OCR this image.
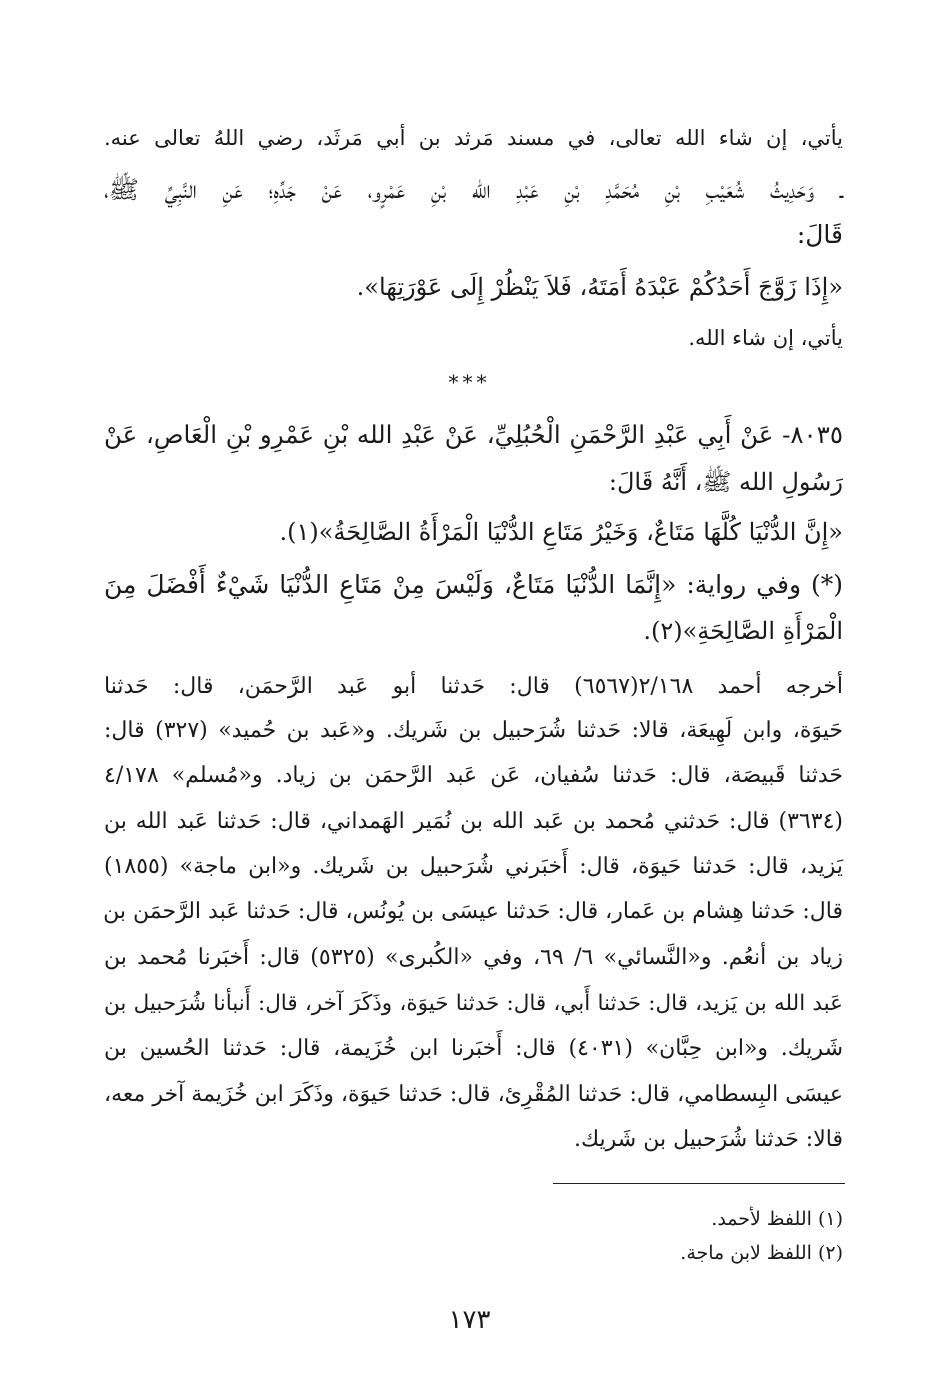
يأتي، إن شاء الله تعالى، في مسند مَرثد بن أبي مَرثَد، رضي اللهُ تعالى عنه.
ـ وَحَدِيثُ شُعَيْبِ بْنِ مُحَمَّدِ بْنِ عَبْدِ الله بْنِ عَمْرٍو، عَنْ جَدِّهِ؛ عَنِ النَّبِيِّ ﷺ،
قَالَ:
«إِذَا زَوَّجَ أَحَدُكُمْ عَبْدَهُ أَمَتَهُ، فَلاَ يَنْظُرْ إِلَى عَوْرَتِهَا».
يأتي، إن شاء الله.
***
٨٠٣٥- عَنْ أَبِي عَبْدِ الرَّحْمَنِ الْحُبُلِيِّ، عَنْ عَبْدِ الله بْنِ عَمْرِو بْنِ الْعَاصِ، عَنْ
رَسُولِ الله ﷺ، أَنَّهُ قَالَ:
«إِنَّ الدُّنْيَا كُلَّهَا مَتَاعٌ، وَخَيْرُ مَتَاعِ الدُّنْيَا الْمَرْأَةُ الصَّالِحَةُ»(١).
(*) وفي رواية: «إِنَّمَا الدُّنْيَا مَتَاعٌ، وَلَيْسَ مِنْ مَتَاعِ الدُّنْيَا شَيْءٌ أَفْضَلَ مِنَ
الْمَرْأَةِ الصَّالِحَةِ»(٢).
أخرجه أحمد ٢/١٦٨(٦٥٦٧) قال: حَدثنا أبو عَبد الرَّحمَن، قال: حَدثنا
حَيوَة، وابن لَهِيعَة، قالا: حَدثنا شُرَحبيل بن شَريك. و«عَبد بن حُميد» (٣٢٧) قال:
حَدثنا قَبيصَة، قال: حَدثنا سُفيان، عَن عَبد الرَّحمَن بن زياد. و«مُسلم» ٤/١٧٨
(٣٦٣٤) قال: حَدثني مُحمد بن عَبد الله بن نُمَير الهَمداني، قال: حَدثنا عَبد الله بن
يَزيد، قال: حَدثنا حَيوَة، قال: أَخبَرني شُرَحبيل بن شَريك. و«ابن ماجة» (١٨٥٥)
قال: حَدثنا هِشام بن عَمار، قال: حَدثنا عيسَى بن يُونُس، قال: حَدثنا عَبد الرَّحمَن بن
زياد بن أنعُم. و«النَّسائي» ٦/ ٦٩، وفي «الكُبرى» (٥٣٢٥) قال: أَخبَرنا مُحمد بن
عَبد الله بن يَزيد، قال: حَدثنا أَبي، قال: حَدثنا حَيوَة، وذَكَرَ آخر، قال: أَنبأنا شُرَحبيل بن
شَريك. و«ابن حِبَّان» (٤٠٣١) قال: أَخبَرنا ابن خُزَيمة، قال: حَدثنا الحُسين بن
عيسَى البِسطامي، قال: حَدثنا المُقْرِئ، قال: حَدثنا حَيوَة، وذَكَرَ ابن خُزَيمة آخر معه،
قالا: حَدثنا شُرَحبيل بن شَريك.
(١) اللفظ لأحمد.
(٢) اللفظ لابن ماجة.
١٧٣
